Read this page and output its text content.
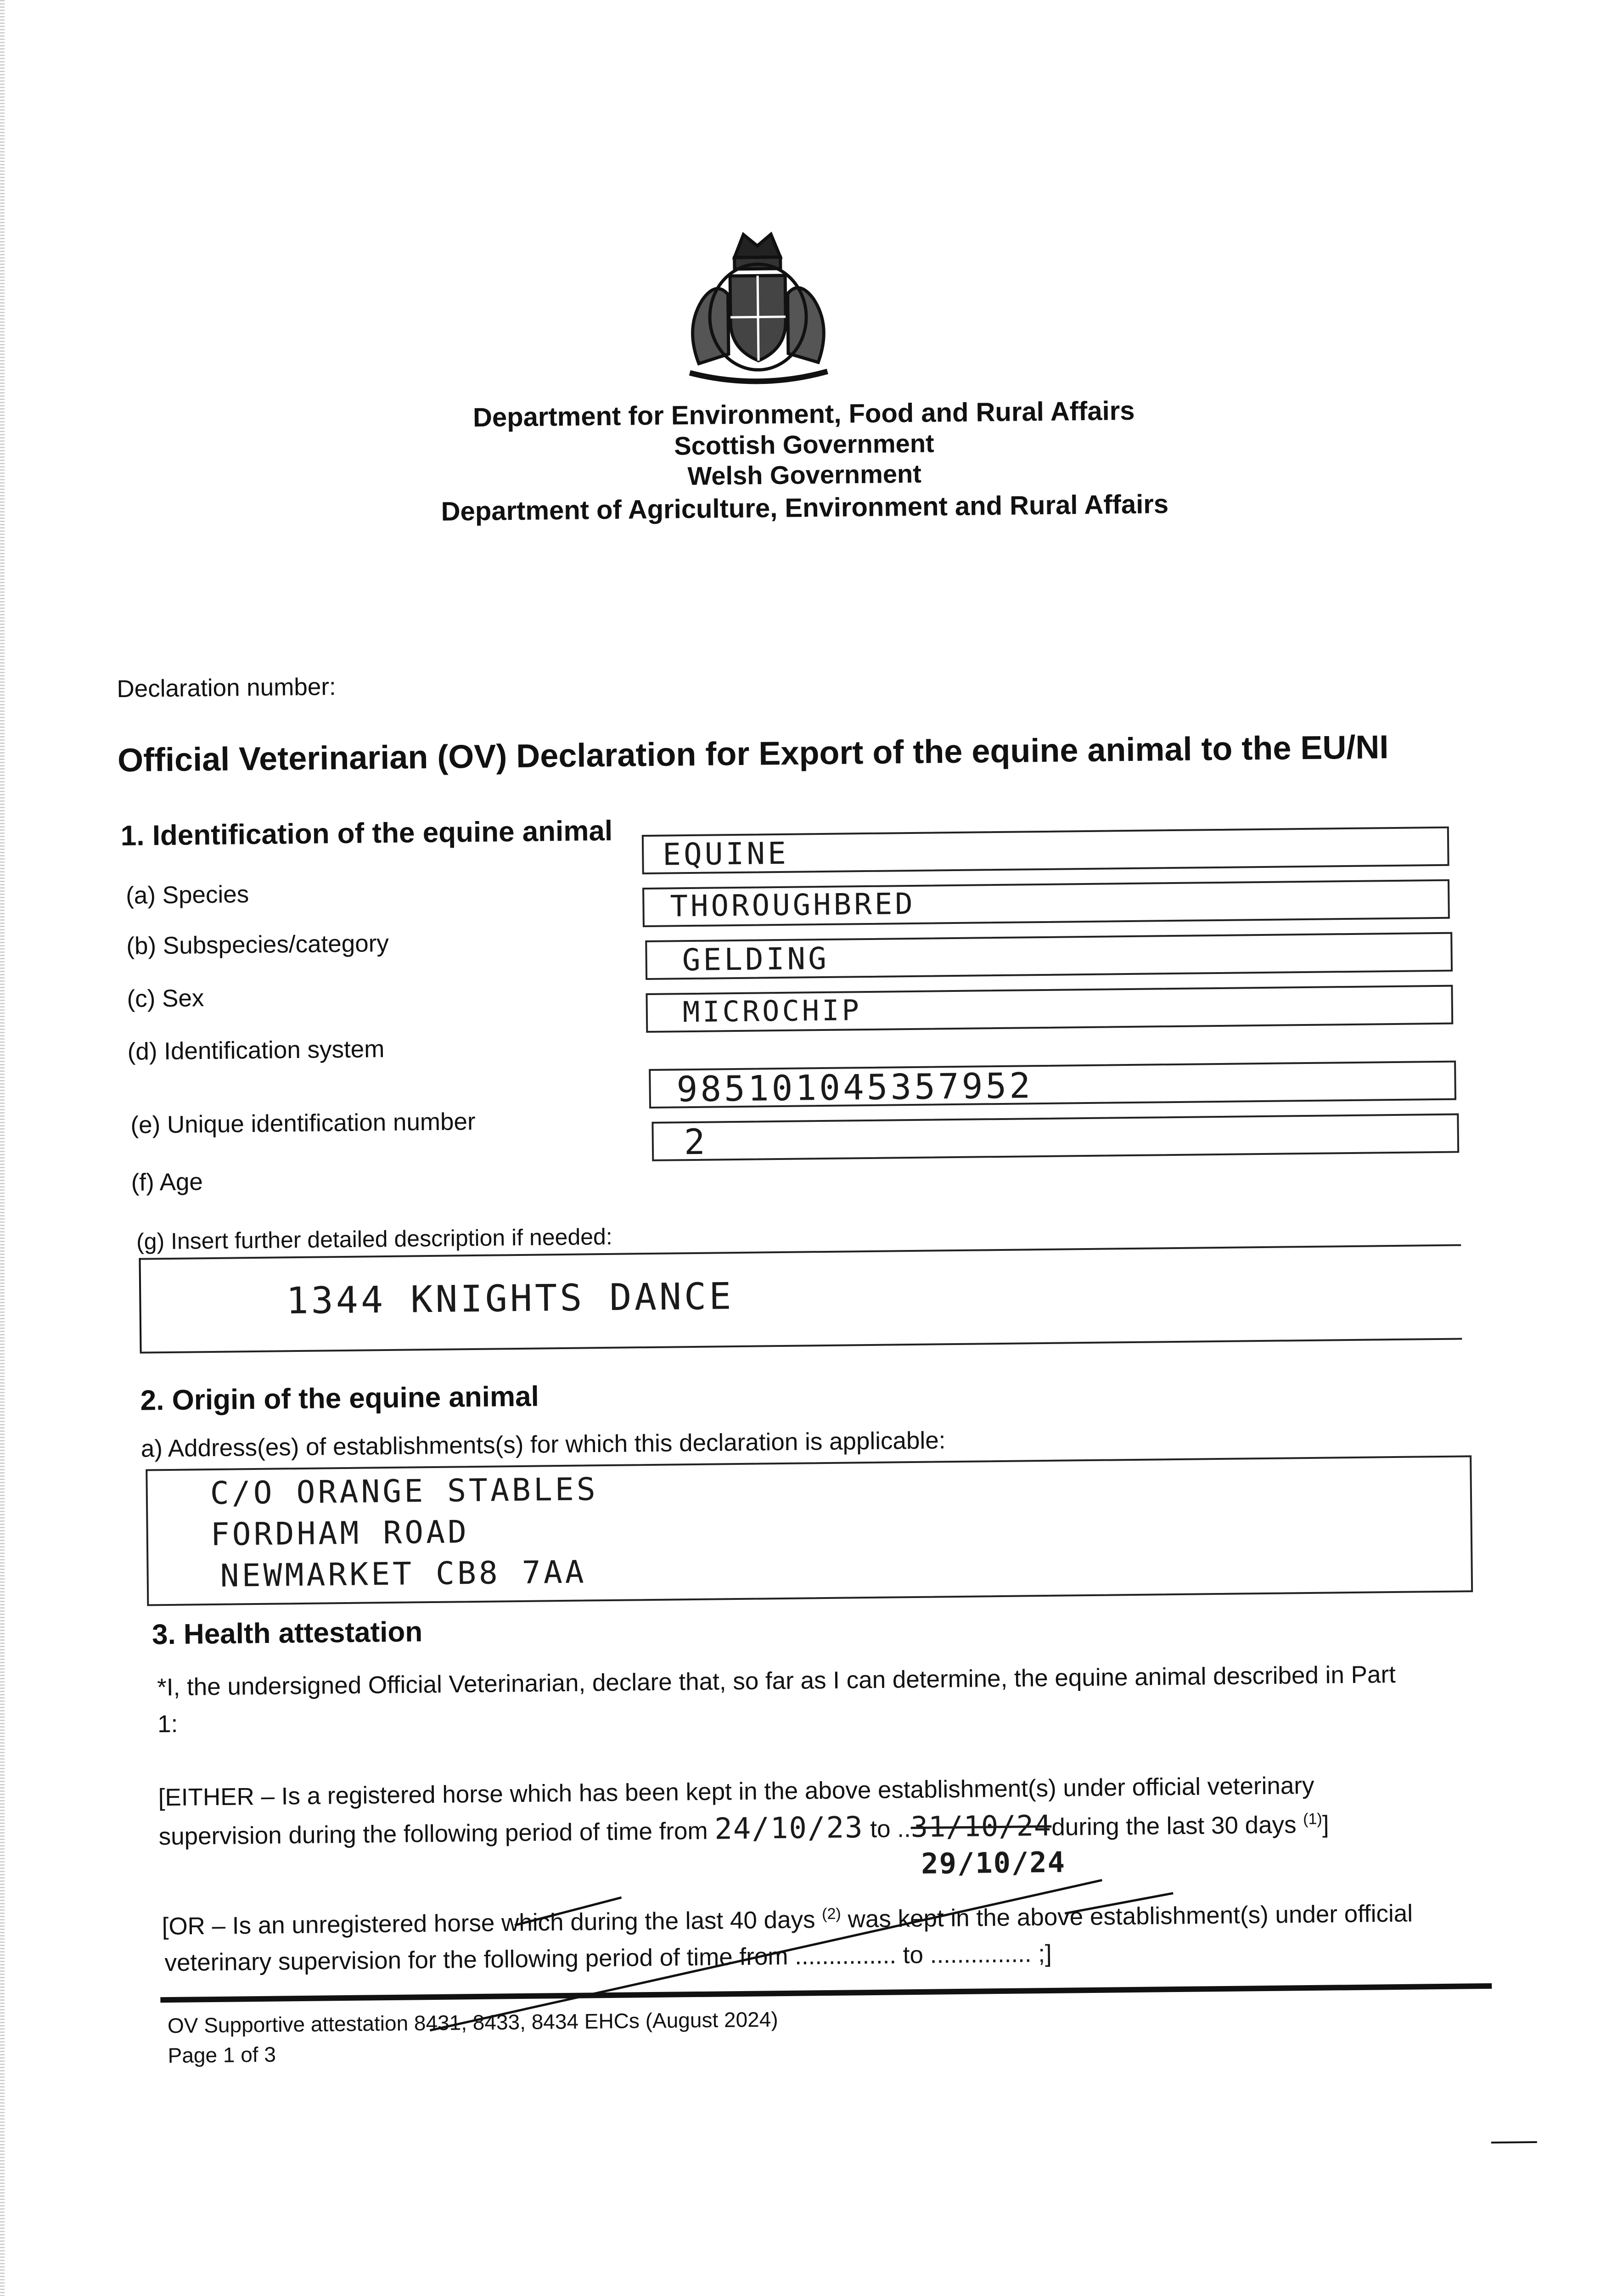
Department for Environment, Food and Rural Affairs
Scottish Government
Welsh Government
Department of Agriculture, Environment and Rural Affairs
Declaration number:
Official Veterinarian (OV) Declaration for Export of the equine animal to the EU/NI
1. Identification of the equine animal
(a) Species
EQUINE
(b) Subspecies/category
THOROUGHBRED
(c) Sex
GELDING
(d) Identification system
MICROCHIP
(e) Unique identification number
985101045357952
(f) Age
2
(g) Insert further detailed description if needed:
1344 KNIGHTS DANCE
2. Origin of the equine animal
a) Address(es) of establishments(s) for which this declaration is applicable:
C/O ORANGE STABLES
FORDHAM ROAD
NEWMARKET CB8 7AA
3. Health attestation
*I, the undersigned Official Veterinarian, declare that, so far as I can determine, the equine animal described in Part
1:
[EITHER – Is a registered horse which has been kept in the above establishment(s) under official veterinary
supervision during the following period of time from 24/10/23 to ..31/10/24during the last 30 days $^{(1)}$]
29/10/24
[OR – Is an unregistered horse which during the last 40 days $^{(2)}$ was kept in the above establishment(s) under official
veterinary supervision for the following period of time from ............... to ............... ;]
OV Supportive attestation 8431, 8433, 8434 EHCs (August 2024)
Page 1 of 3
